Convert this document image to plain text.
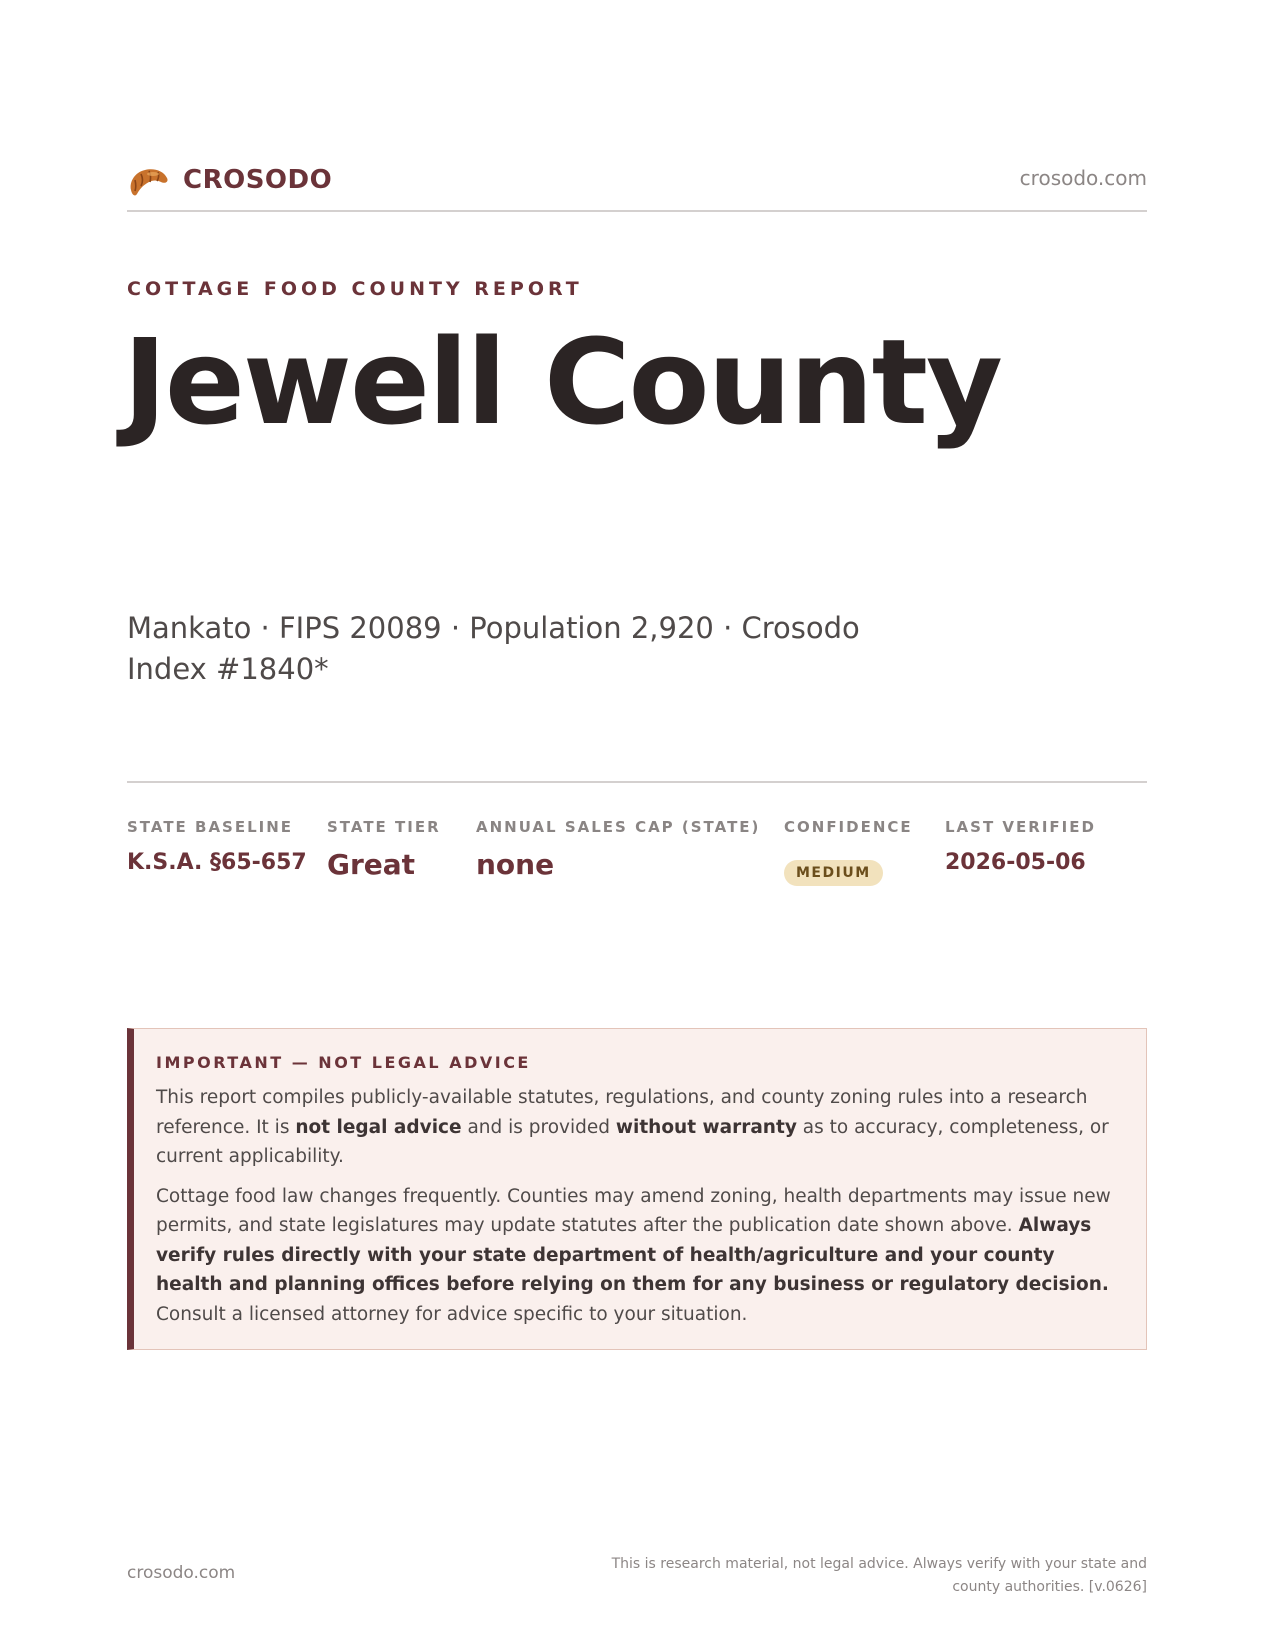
CROSODO	crosodo.com
COTTAGE FOOD COUNTY REPORT
Jewell County
Mankato · FIPS 20089 · Population 2,920 · Crosodo Index #1840*
STATE BASELINE
K.S.A. §65-657
STATE TIER
Great
ANNUAL SALES CAP (STATE)
none
CONFIDENCE
MEDIUM
LAST VERIFIED
2026-05-06
IMPORTANT — NOT LEGAL ADVICE

This report compiles publicly-available statutes, regulations, and county zoning rules into a research reference. It is not legal advice and is provided without warranty as to accuracy, completeness, or current applicability.

Cottage food law changes frequently. Counties may amend zoning, health departments may issue new permits, and state legislatures may update statutes after the publication date shown above. Always verify rules directly with your state department of health/agriculture and your county health and planning offices before relying on them for any business or regulatory decision. Consult a licensed attorney for advice specific to your situation.

crosodo.com	This is research material, not legal advice. Always verify with your state and county authorities. [v.0626]
